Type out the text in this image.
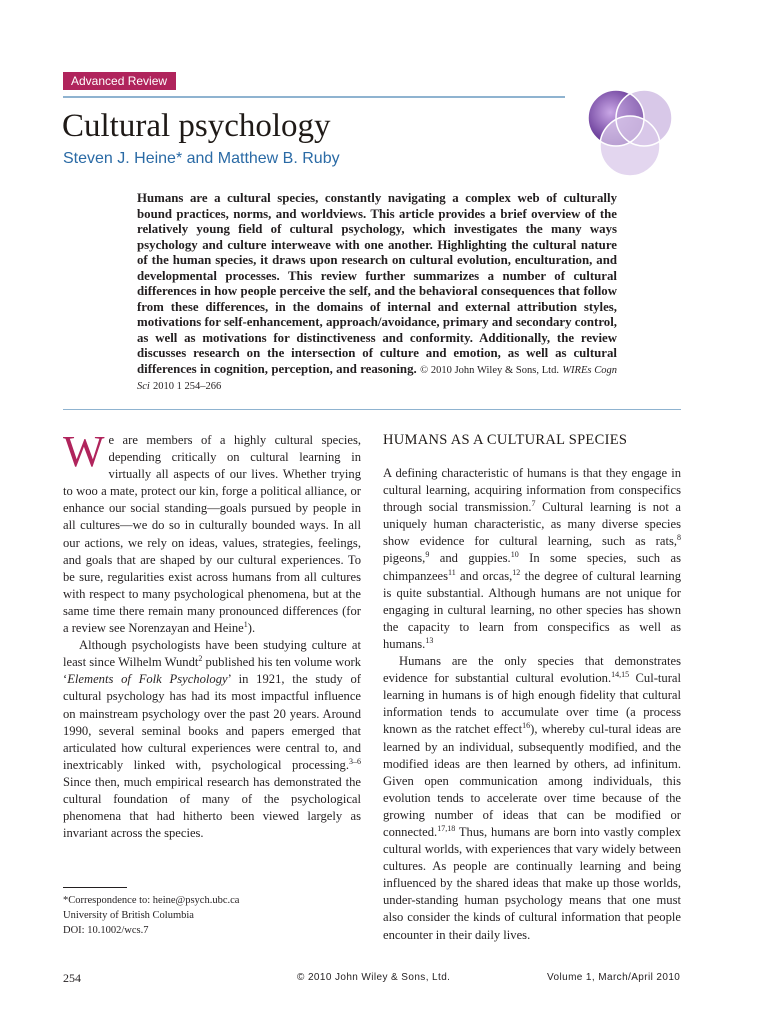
Advanced Review
Cultural psychology
Steven J. Heine* and Matthew B. Ruby

Humans are a cultural species, constantly navigating a complex web of culturally bound practices, norms, and worldviews. This article provides a brief overview of the relatively young field of cultural psychology, which investigates the many ways psychology and culture interweave with one another. Highlighting the cultural nature of the human species, it draws upon research on cultural evolution, enculturation, and developmental processes. This review further summarizes a number of cultural differences in how people perceive the self, and the behavioral consequences that follow from these differences, in the domains of internal and external attribution styles, motivations for self-enhancement, approach/avoidance, primary and secondary control, as well as motivations for distinctiveness and conformity. Additionally, the review discusses research on the intersection of culture and emotion, as well as cultural differences in cognition, perception, and reasoning. © 2010 John Wiley & Sons, Ltd. WIREs Cogn Sci 2010 1 254–266

We are members of a highly cultural species, depending critically on cultural learning in virtually all aspects of our lives. Whether trying to woo a mate, protect our kin, forge a political alliance, or enhance our social standing—goals pursued by people in all cultures—we do so in culturally bounded ways. In all our actions, we rely on ideas, values, strategies, feelings, and goals that are shaped by our cultural experiences. To be sure, regularities exist across humans from all cultures with respect to many psychological phenomena, but at the same time there remain many pronounced differences (for a review see Norenzayan and Heine$^1$).

Although psychologists have been studying culture at least since Wilhelm Wundt$^2$ published his ten volume work ‘Elements of Folk Psychology’ in 1921, the study of cultural psychology has had its most impactful influence on mainstream psychology over the past 20 years. Around 1990, several seminal books and papers emerged that articulated how cultural experiences were central to, and inextricably linked with, psychological processing.$^{3-6}$ Since then, much empirical research has demonstrated the cultural foundation of many of the psychological phenomena that had hitherto been viewed largely as invariant across the species.

HUMANS AS A CULTURAL SPECIES

A defining characteristic of humans is that they engage in cultural learning, acquiring information from conspecifics through social transmission.$^7$ Cultural learning is not a uniquely human characteristic, as many diverse species show evidence for cultural learning, such as rats,$^8$ pigeons,$^9$ and guppies.$^{10}$ In some species, such as chimpanzees$^{11}$ and orcas,$^{12}$ the degree of cultural learning is quite substantial. Although humans are not unique for engaging in cultural learning, no other species has shown the capacity to learn from conspecifics as well as humans.$^{13}$

Humans are the only species that demonstrates evidence for substantial cultural evolution.$^{14,15}$ Cul-tural learning in humans is of high enough fidelity that cultural information tends to accumulate over time (a process known as the ratchet effect$^{16}$), whereby cul-tural ideas are learned by an individual, subsequently modified, and the modified ideas are then learned by others, ad infinitum. Given open communication among individuals, this evolution tends to accelerate over time because of the growing number of ideas that can be modified or connected.$^{17,18}$ Thus, humans are born into vastly complex cultural worlds, with experiences that vary widely between cultures. As people are continually learning and being influenced by the shared ideas that make up those worlds, under-standing human psychology means that one must also consider the kinds of cultural information that people encounter in their daily lives.

*Correspondence to: heine@psych.ubc.ca
University of British Columbia
DOI: 10.1002/wcs.7
254	© 2010 John Wiley & Sons, Ltd.	Volume 1, March/April 2010
